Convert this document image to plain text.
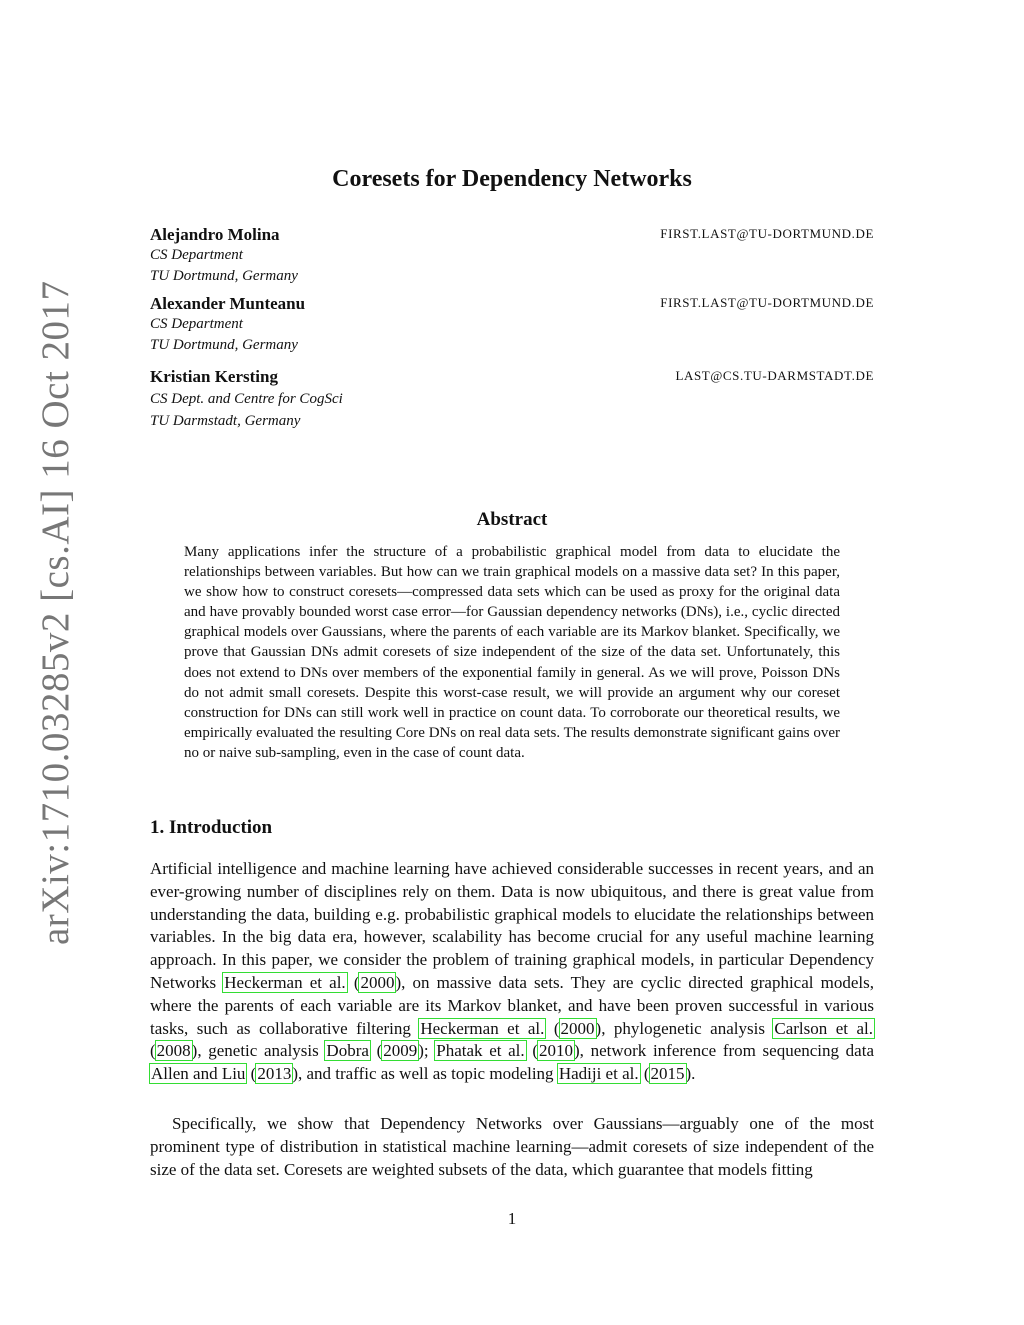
arXiv:1710.03285v2 [cs.AI] 16 Oct 2017
Coresets for Dependency Networks
Alejandro Molina
CS Department
TU Dortmund, Germany
FIRST.LAST@TU-DORTMUND.DE
Alexander Munteanu
CS Department
TU Dortmund, Germany
FIRST.LAST@TU-DORTMUND.DE
Kristian Kersting
CS Dept. and Centre for CogSci
TU Darmstadt, Germany
LAST@CS.TU-DARMSTADT.DE
Abstract
Many applications infer the structure of a probabilistic graphical model from data to elucidate the relationships between variables. But how can we train graphical models on a massive data set? In this paper, we show how to construct coresets—compressed data sets which can be used as proxy for the original data and have provably bounded worst case error—for Gaussian dependency networks (DNs), i.e., cyclic directed graphical models over Gaussians, where the parents of each variable are its Markov blanket. Specifically, we prove that Gaussian DNs admit coresets of size independent of the size of the data set. Unfortunately, this does not extend to DNs over members of the exponential family in general. As we will prove, Poisson DNs do not admit small coresets. Despite this worst-case result, we will provide an argument why our coreset construction for DNs can still work well in practice on count data. To corroborate our theoretical results, we empirically evaluated the resulting Core DNs on real data sets. The results demonstrate significant gains over no or naive sub-sampling, even in the case of count data.
1. Introduction

Artificial intelligence and machine learning have achieved considerable successes in recent years, and an ever-growing number of disciplines rely on them. Data is now ubiquitous, and there is great value from understanding the data, building e.g. probabilistic graphical models to elucidate the relationships between variables. In the big data era, however, scalability has become crucial for any useful machine learning approach. In this paper, we consider the problem of training graphical models, in particular Dependency Networks Heckerman et al. (2000), on massive data sets. They are cyclic directed graphical models, where the parents of each variable are its Markov blanket, and have been proven successful in various tasks, such as collaborative filtering Heckerman et al. (2000), phylogenetic analysis Carlson et al. (2008), genetic analysis Dobra (2009); Phatak et al. (2010), network inference from sequencing data Allen and Liu (2013), and traffic as well as topic modeling Hadiji et al. (2015).

Specifically, we show that Dependency Networks over Gaussians—arguably one of the most prominent type of distribution in statistical machine learning—admit coresets of size independent of the size of the data set. Coresets are weighted subsets of the data, which guarantee that models fitting

1
